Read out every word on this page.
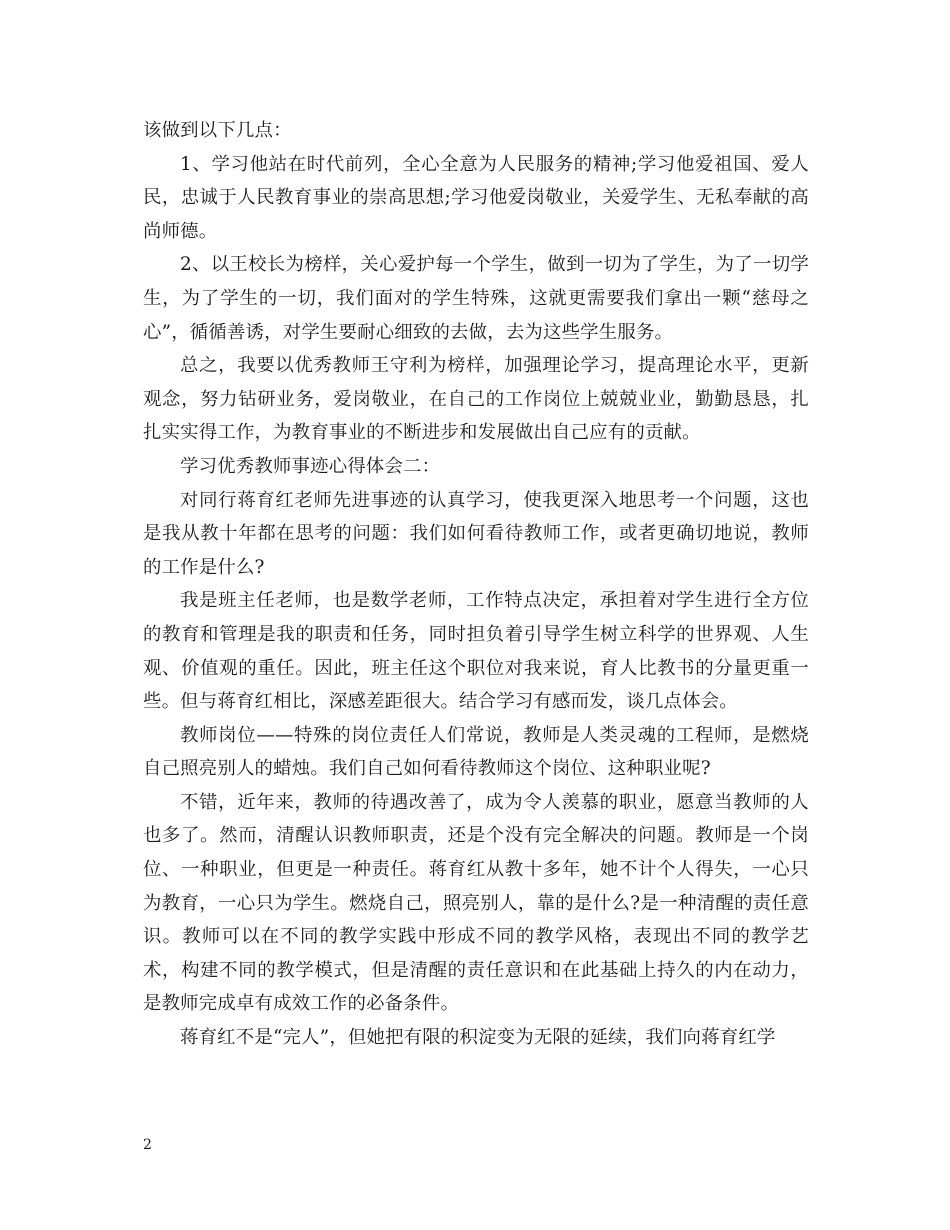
该做到以下几点：

1、学习他站在时代前列，全心全意为人民服务的精神;学习他爱祖国、爱人民，忠诚于人民教育事业的崇高思想;学习他爱岗敬业，关爱学生、无私奉献的高尚师德。

2、以王校长为榜样，关心爱护每一个学生，做到一切为了学生，为了一切学生，为了学生的一切，我们面对的学生特殊，这就更需要我们拿出一颗“慈母之心”，循循善诱，对学生要耐心细致的去做，去为这些学生服务。

总之，我要以优秀教师王守利为榜样，加强理论学习，提高理论水平，更新观念，努力钻研业务，爱岗敬业，在自己的工作岗位上兢兢业业，勤勤恳恳，扎扎实实得工作，为教育事业的不断进步和发展做出自己应有的贡献。

学习优秀教师事迹心得体会二：

对同行蒋育红老师先进事迹的认真学习，使我更深入地思考一个问题，这也是我从教十年都在思考的问题：我们如何看待教师工作，或者更确切地说，教师的工作是什么?

我是班主任老师，也是数学老师，工作特点决定，承担着对学生进行全方位的教育和管理是我的职责和任务，同时担负着引导学生树立科学的世界观、人生观、价值观的重任。因此，班主任这个职位对我来说，育人比教书的分量更重一些。但与蒋育红相比，深感差距很大。结合学习有感而发，谈几点体会。

教师岗位——特殊的岗位责任人们常说，教师是人类灵魂的工程师，是燃烧自己照亮别人的蜡烛。我们自己如何看待教师这个岗位、这种职业呢?

不错，近年来，教师的待遇改善了，成为令人羡慕的职业，愿意当教师的人也多了。然而，清醒认识教师职责，还是个没有完全解决的问题。教师是一个岗位、一种职业，但更是一种责任。蒋育红从教十多年，她不计个人得失，一心只为教育，一心只为学生。燃烧自己，照亮别人，靠的是什么?是一种清醒的责任意识。教师可以在不同的教学实践中形成不同的教学风格，表现出不同的教学艺术，构建不同的教学模式，但是清醒的责任意识和在此基础上持久的内在动力，是教师完成卓有成效工作的必备条件。

蒋育红不是“完人”，但她把有限的积淀变为无限的延续，我们向蒋育红学

2
